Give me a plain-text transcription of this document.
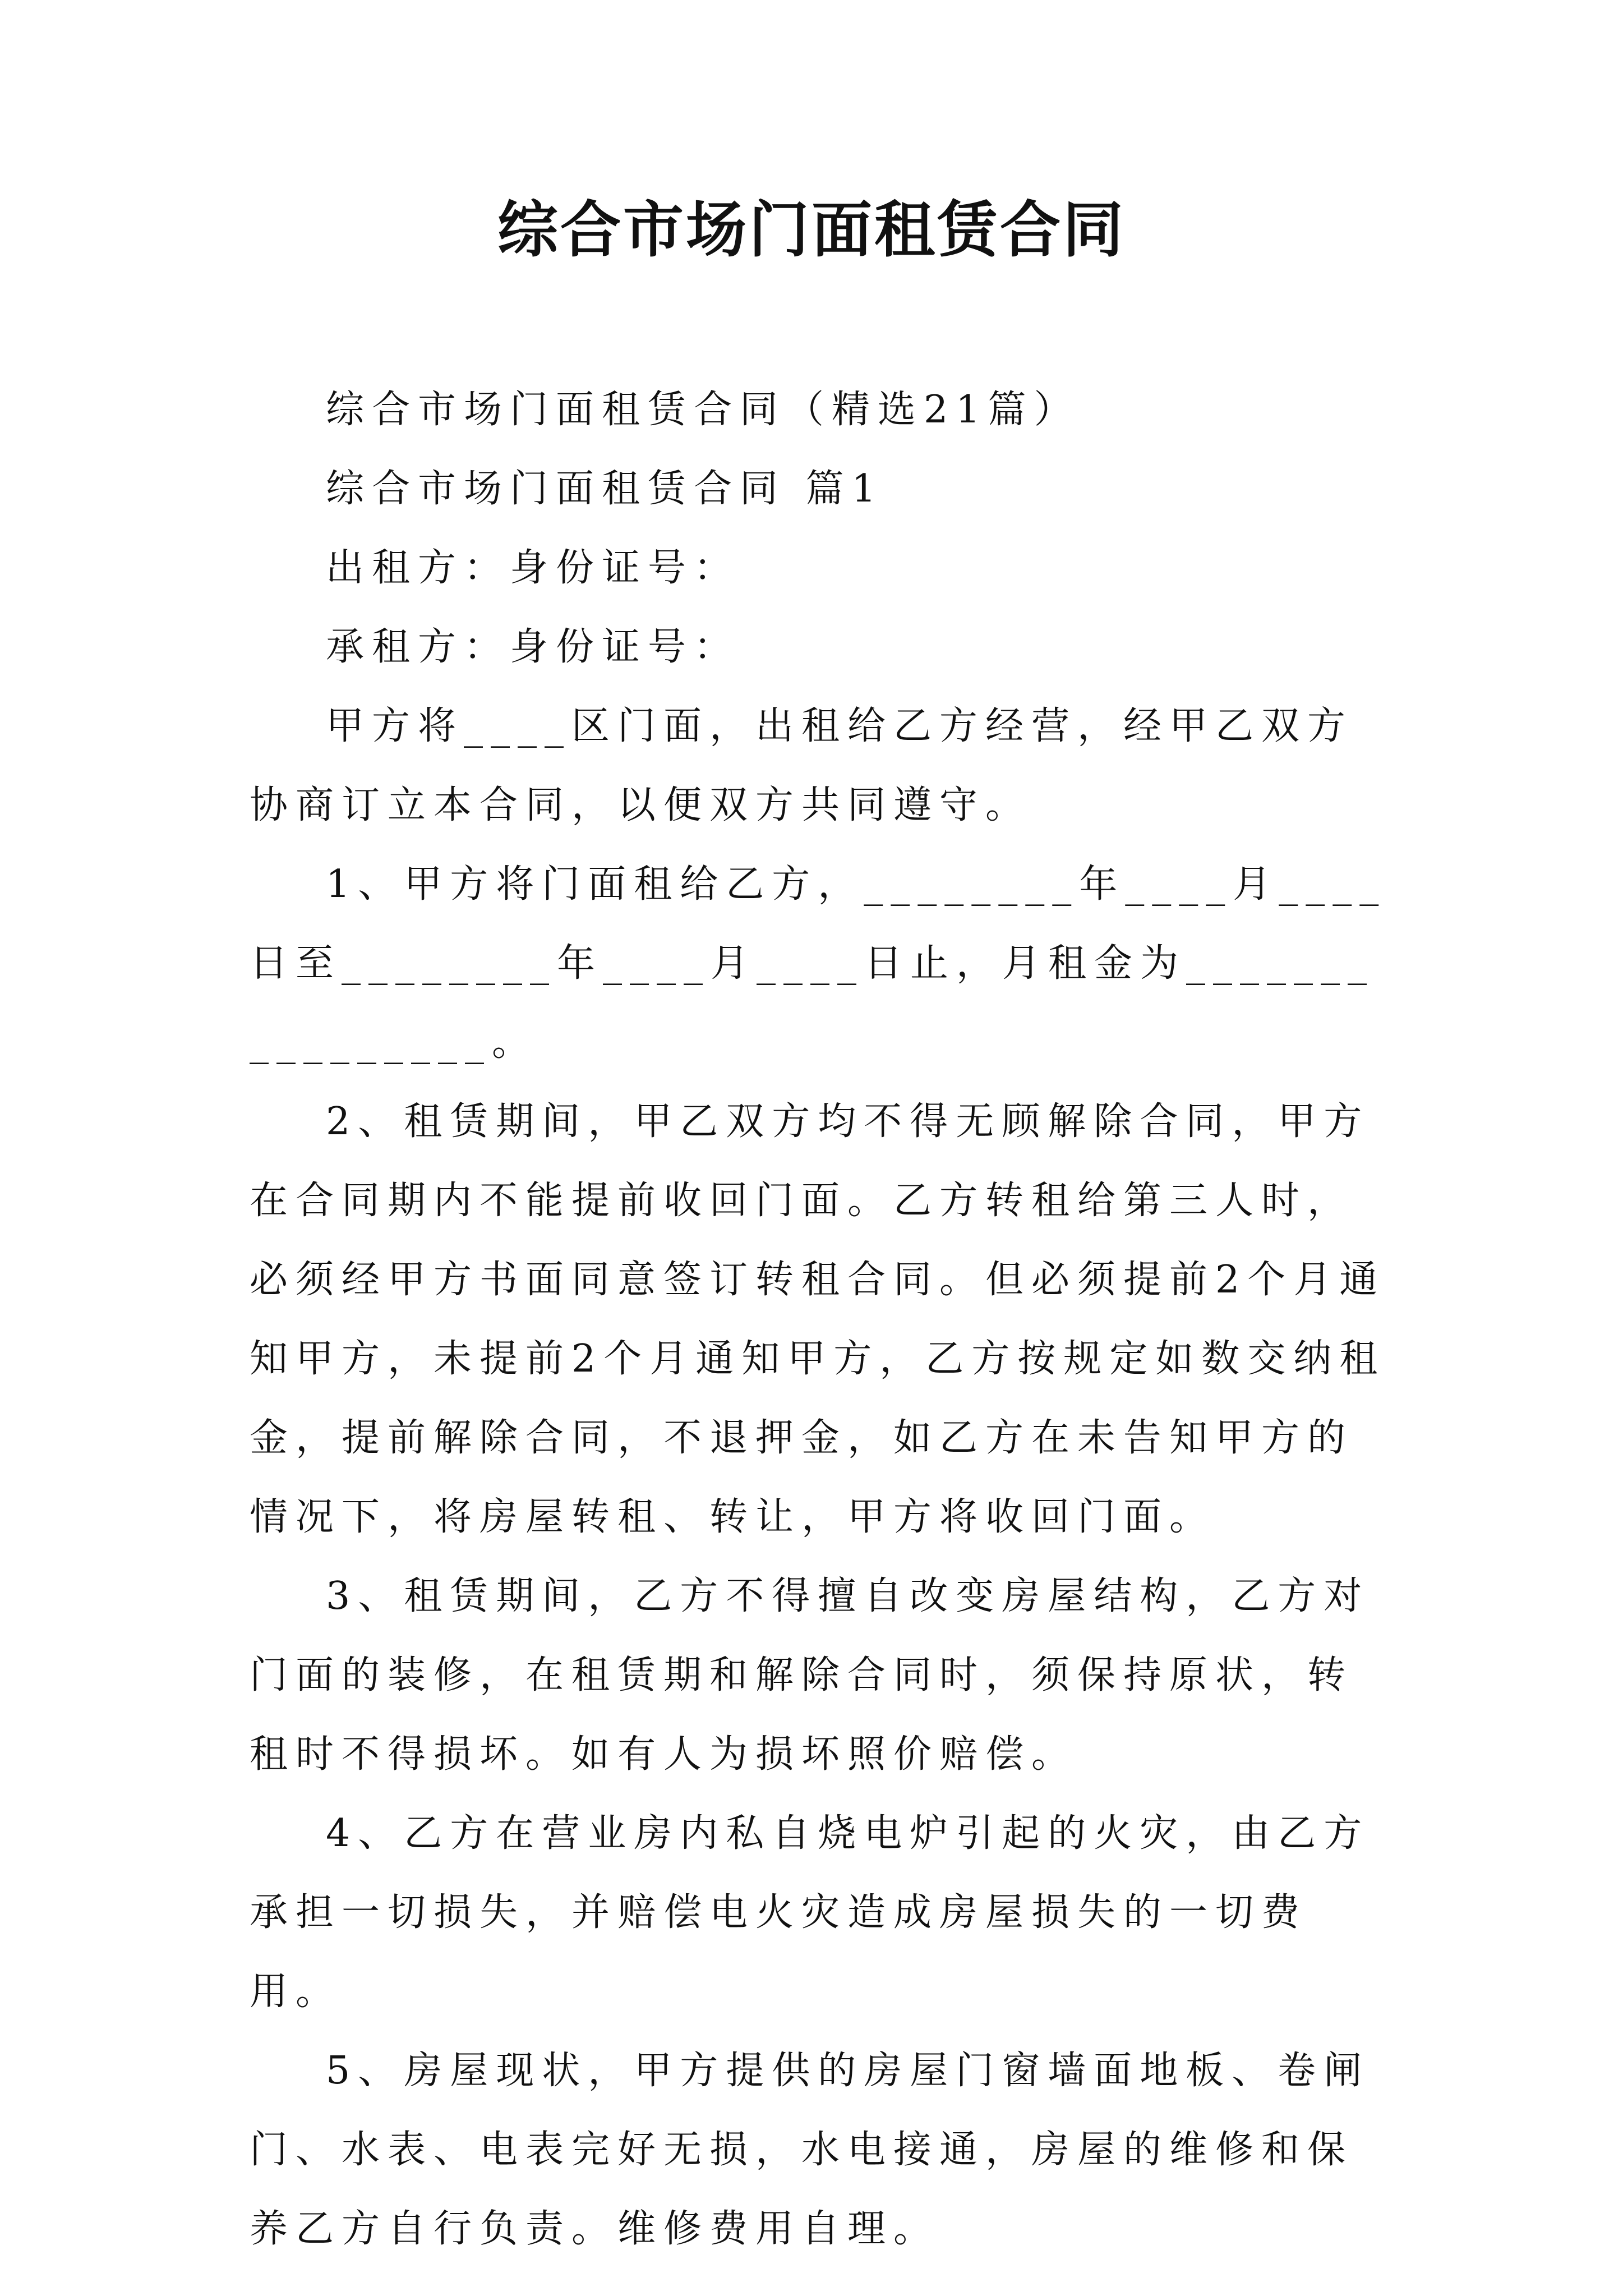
综合市场门面租赁合同

综合市场门面租赁合同（精选21篇）

综合市场门面租赁合同 篇1

出租方：身份证号：

承租方：身份证号：

甲方将____区门面，出租给乙方经营，经甲乙双方协商订立本合同，以便双方共同遵守。

1、甲方将门面租给乙方，________年____月____日至________年____月____日止，月租金为________________。

2、租赁期间，甲乙双方均不得无顾解除合同，甲方在合同期内不能提前收回门面。乙方转租给第三人时，必须经甲方书面同意签订转租合同。但必须提前2个月通知甲方，未提前2个月通知甲方，乙方按规定如数交纳租金，提前解除合同，不退押金，如乙方在未告知甲方的情况下，将房屋转租、转让，甲方将收回门面。

3、租赁期间，乙方不得擅自改变房屋结构，乙方对门面的装修，在租赁期和解除合同时，须保持原状，转租时不得损坏。如有人为损坏照价赔偿。

4、乙方在营业房内私自烧电炉引起的火灾，由乙方承担一切损失，并赔偿电火灾造成房屋损失的一切费用。

5、房屋现状，甲方提供的房屋门窗墙面地板、卷闸门、水表、电表完好无损，水电接通，房屋的维修和保养乙方自行负责。维修费用自理。
